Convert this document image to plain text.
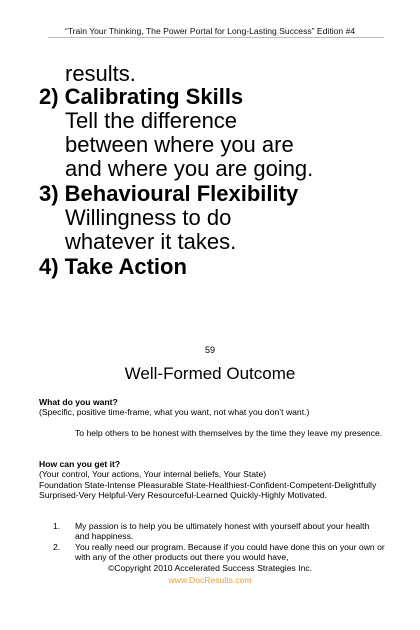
“Train Your Thinking, The Power Portal for Long-Lasting Success” Edition #4
results.
2) Calibrating Skills
Tell the difference
between where you are
and where you are going.
3) Behavioural Flexibility
Willingness to do
whatever it takes.
4) Take Action
59
Well-Formed Outcome
What do you want?
(Specific, positive time-frame, what you want, not what you don’t want.)
To help others to be honest with themselves by the time they leave my presence.
How can you get it?
(Your control, Your actions, Your internal beliefs, Your State)
Foundation State-Intense Pleasurable State-Healthiest-Confident-Competent-Delightfully Surprised-Very Helpful-Very Resourceful-Learned Quickly-Highly Motivated.
1. My passion is to help you be ultimately honest with yourself about your health and happiness.
2. You really need our program. Because if you could have done this on your own or with any of the other products out there you would have,
©Copyright 2010 Accelerated Success Strategies Inc.
www.DocResults.com
